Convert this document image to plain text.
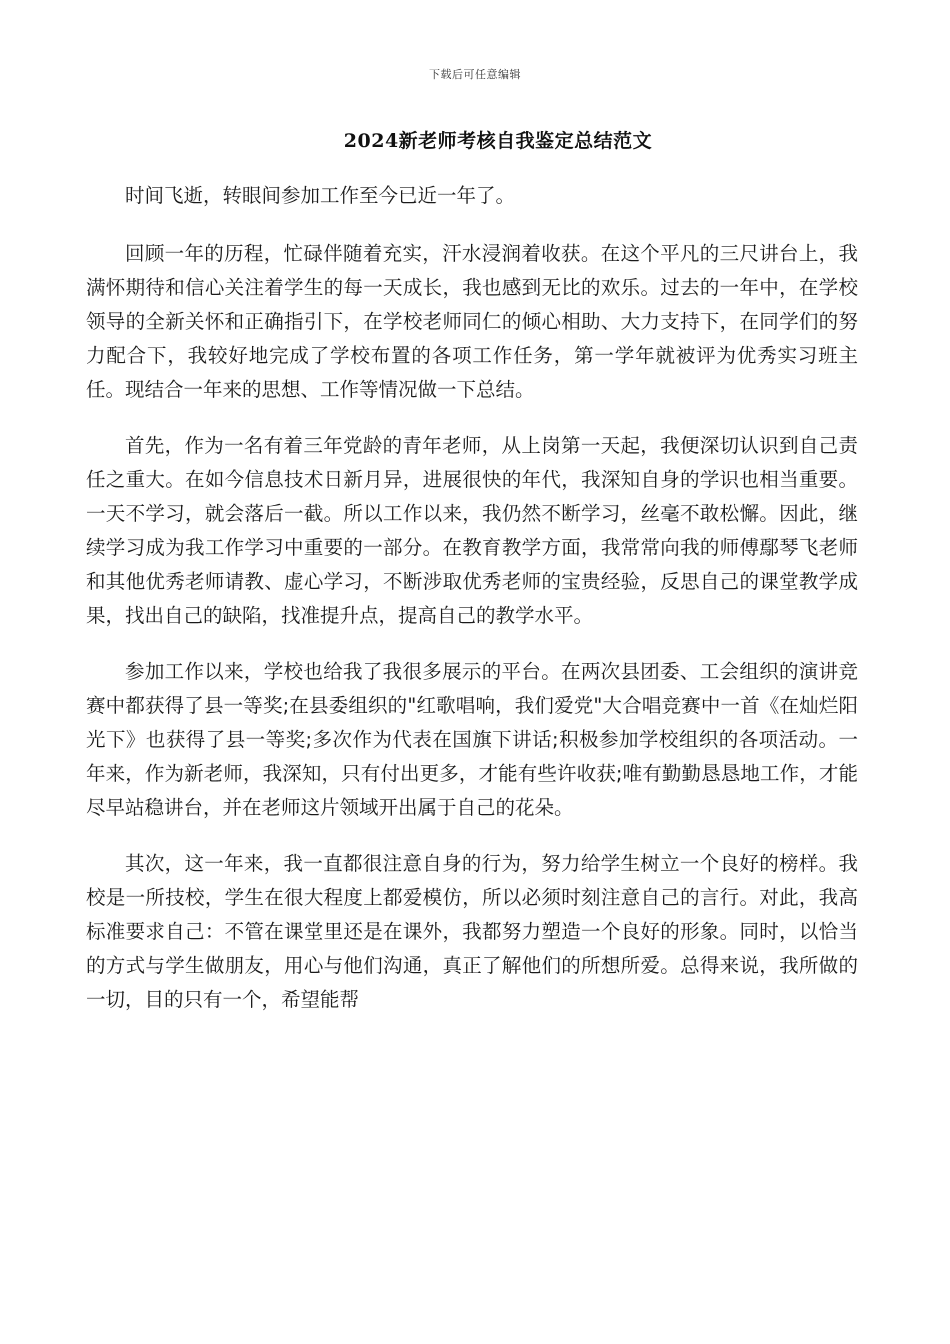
下载后可任意编辑
2024新老师考核自我鉴定总结范文

时间飞逝，转眼间参加工作至今已近一年了。

回顾一年的历程，忙碌伴随着充实，汗水浸润着收获。在这个平凡的三尺讲台上，我满怀期待和信心关注着学生的每一天成长，我也感到无比的欢乐。过去的一年中，在学校领导的全新关怀和正确指引下，在学校老师同仁的倾心相助、大力支持下，在同学们的努力配合下，我较好地完成了学校布置的各项工作任务，第一学年就被评为优秀实习班主任。现结合一年来的思想、工作等情况做一下总结。

首先，作为一名有着三年党龄的青年老师，从上岗第一天起，我便深切认识到自己责任之重大。在如今信息技术日新月异，进展很快的年代，我深知自身的学识也相当重要。一天不学习，就会落后一截。所以工作以来，我仍然不断学习，丝毫不敢松懈。因此，继续学习成为我工作学习中重要的一部分。在教育教学方面，我常常向我的师傅鄢琴飞老师和其他优秀老师请教、虚心学习，不断涉取优秀老师的宝贵经验，反思自己的课堂教学成果，找出自己的缺陷，找准提升点，提高自己的教学水平。

参加工作以来，学校也给我了我很多展示的平台。在两次县团委、工会组织的演讲竞赛中都获得了县一等奖;在县委组织的"红歌唱响，我们爱党"大合唱竞赛中一首《在灿烂阳光下》也获得了县一等奖;多次作为代表在国旗下讲话;积极参加学校组织的各项活动。一年来，作为新老师，我深知，只有付出更多，才能有些许收获;唯有勤勤恳恳地工作，才能尽早站稳讲台，并在老师这片领域开出属于自己的花朵。

其次，这一年来，我一直都很注意自身的行为，努力给学生树立一个良好的榜样。我校是一所技校，学生在很大程度上都爱模仿，所以必须时刻注意自己的言行。对此，我高标准要求自己：不管在课堂里还是在课外，我都努力塑造一个良好的形象。同时，以恰当的方式与学生做朋友，用心与他们沟通，真正了解他们的所想所爱。总得来说，我所做的一切，目的只有一个，希望能帮
